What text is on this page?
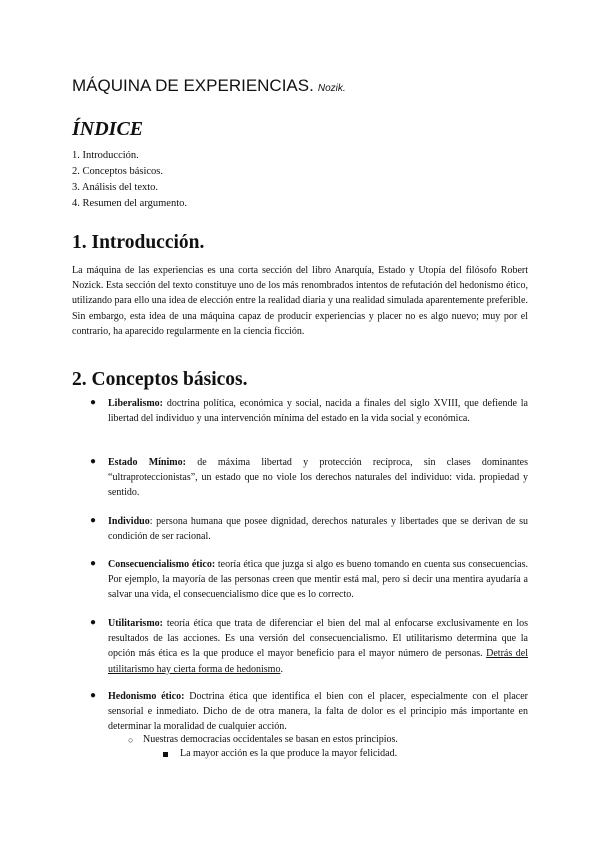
MÁQUINA DE EXPERIENCIAS. Nozik.
ÍNDICE
1. Introducción.
2. Conceptos básicos.
3. Análisis del texto.
4. Resumen del argumento.
1. Introducción.

La máquina de las experiencias es una corta sección del libro Anarquía, Estado y Utopía del filósofo Robert Nozick. Esta sección del texto constituye uno de los más renombrados intentos de refutación del hedonismo ético, utilizando para ello una idea de elección entre la realidad diaria y una realidad simulada aparentemente preferible. Sin embargo, esta idea de una máquina capaz de producir experiencias y placer no es algo nuevo; muy por el contrario, ha aparecido regularmente en la ciencia ficción.

2. Conceptos básicos.
● Liberalismo: doctrina política, económica y social, nacida a finales del siglo XVIII, que defiende la libertad del individuo y una intervención mínima del estado en la vida social y económica.

● Estado Mínimo: de máxima libertad y protección recíproca, sin clases dominantes “ultraproteccionistas”, un estado que no viole los derechos naturales del individuo: vida. propiedad y sentido.

● Individuo: persona humana que posee dignidad, derechos naturales y libertades que se derivan de su condición de ser racional.

● Consecuencialismo ético: teoría ética que juzga si algo es bueno tomando en cuenta sus consecuencias. Por ejemplo, la mayoría de las personas creen que mentir está mal, pero si decir una mentira ayudaría a salvar una vida, el consecuencialismo dice que es lo correcto.

● Utilitarismo: teoría ética que trata de diferenciar el bien del mal al enfocarse exclusivamente en los resultados de las acciones. Es una versión del consecuencialismo. El utilitarismo determina que la opción más ética es la que produce el mayor beneficio para el mayor número de personas. Detrás del utilitarismo hay cierta forma de hedonismo.

● Hedonismo ético: Doctrina ética que identifica el bien con el placer, especialmente con el placer sensorial e inmediato. Dicho de de otra manera, la falta de dolor es el principio más importante en determinar la moralidad de cualquier acción.

○ Nuestras democracias occidentales se basan en estos principios.
La mayor acción es la que produce la mayor felicidad.
